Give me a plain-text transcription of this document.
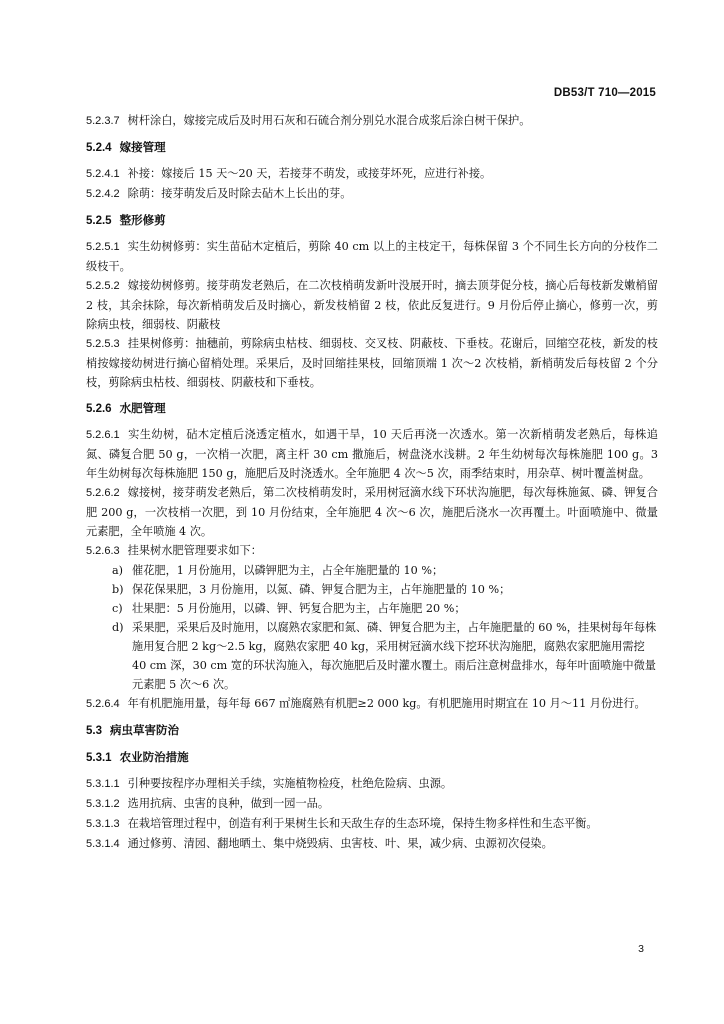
DB53/T 710—2015

5.2.3.7 树杆涂白，嫁接完成后及时用石灰和石硫合剂分别兑水混合成浆后涂白树干保护。

5.2.4 嫁接管理

5.2.4.1 补接：嫁接后 15 天～20 天，若接芽不萌发，或接芽坏死，应进行补接。

5.2.4.2 除萌：接芽萌发后及时除去砧木上长出的芽。

5.2.5 整形修剪

5.2.5.1 实生幼树修剪：实生苗砧木定植后，剪除 40 cm 以上的主枝定干，每株保留 3 个不同生长方向的分枝作二级枝干。

5.2.5.2 嫁接幼树修剪。接芽萌发老熟后，在二次枝梢萌发新叶没展开时，摘去顶芽促分枝，摘心后每枝新发嫩梢留 2 枝，其余抹除，每次新梢萌发后及时摘心，新发枝梢留 2 枝，依此反复进行。9 月份后停止摘心，修剪一次，剪除病虫枝，细弱枝、阴蔽枝

5.2.5.3 挂果树修剪：抽穗前，剪除病虫枯枝、细弱枝、交叉枝、阴蔽枝、下垂枝。花谢后，回缩空花枝，新发的枝梢按嫁接幼树进行摘心留梢处理。采果后，及时回缩挂果枝，回缩顶端 1 次～2 次枝梢，新梢萌发后每枝留 2 个分枝，剪除病虫枯枝、细弱枝、阴蔽枝和下垂枝。

5.2.6 水肥管理

5.2.6.1 实生幼树，砧木定植后浇透定植水，如遇干旱，10 天后再浇一次透水。第一次新梢萌发老熟后，每株追氮、磷复合肥 50 g，一次梢一次肥，离主杆 30 cm 撒施后，树盘浇水浅耕。2 年生幼树每次每株施肥 100 g。3 年生幼树每次每株施肥 150 g，施肥后及时浇透水。全年施肥 4 次～5 次，雨季结束时，用杂草、树叶覆盖树盘。

5.2.6.2 嫁接树，接芽萌发老熟后，第二次枝梢萌发时，采用树冠滴水线下环状沟施肥，每次每株施氮、磷、钾复合肥 200 g，一次枝梢一次肥，到 10 月份结束，全年施肥 4 次～6 次，施肥后浇水一次再覆土。叶面喷施中、微量元素肥，全年喷施 4 次。

5.2.6.3 挂果树水肥管理要求如下：

a) 催花肥，1 月份施用，以磷钾肥为主，占全年施肥量的 10 %；
b) 保花保果肥，3 月份施用，以氮、磷、钾复合肥为主，占年施肥量的 10 %；
c) 壮果肥：5 月份施用，以磷、钾、钙复合肥为主，占年施肥 20 %；
d) 采果肥，采果后及时施用，以腐熟农家肥和氮、磷、钾复合肥为主，占年施肥量的 60 %，挂果树每年每株施用复合肥 2 kg～2.5 kg，腐熟农家肥 40 kg，采用树冠滴水线下挖环状沟施肥，腐熟农家肥施用需挖 40 cm 深，30 cm 宽的环状沟施入，每次施肥后及时灌水覆土。雨后注意树盘排水，每年叶面喷施中微量元素肥 5 次～6 次。

5.2.6.4 年有机肥施用量，每年每 667 ㎡施腐熟有机肥≥2 000 kg。有机肥施用时期宜在 10 月～11 月份进行。

5.3 病虫草害防治
5.3.1 农业防治措施

5.3.1.1 引种要按程序办理相关手续，实施植物检疫，杜绝危险病、虫源。

5.3.1.2 选用抗病、虫害的良种，做到一园一品。

5.3.1.3 在栽培管理过程中，创造有利于果树生长和天敌生存的生态环境，保持生物多样性和生态平衡。

5.3.1.4 通过修剪、清园、翻地晒土、集中烧毁病、虫害枝、叶、果，减少病、虫源初次侵染。

3
